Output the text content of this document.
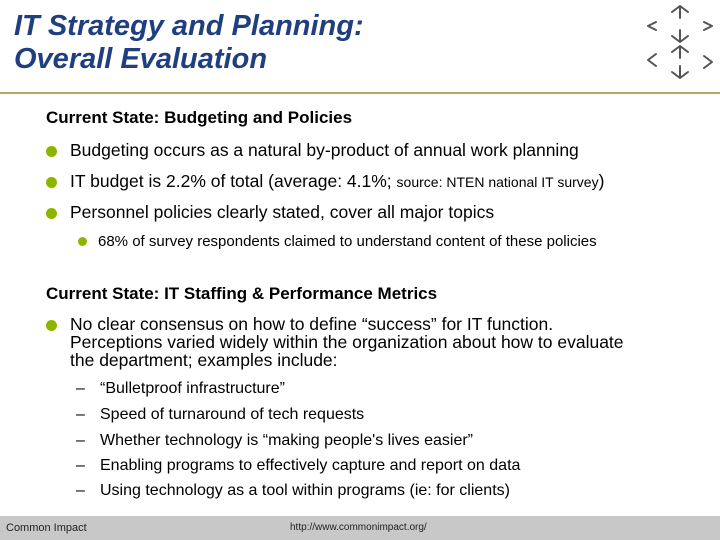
IT Strategy and Planning:
Overall Evaluation
Current State: Budgeting and Policies
Budgeting occurs as a natural by-product of annual work planning
IT budget is 2.2% of total (average: 4.1%; source: NTEN national IT survey)
Personnel policies clearly stated, cover all major topics
68% of survey respondents claimed to understand content of these policies
Current State: IT Staffing & Performance Metrics
No clear consensus on how to define “success” for IT function.
Perceptions varied widely within the organization about how to evaluate
the department; examples include:
– “Bulletproof infrastructure”
– Speed of turnaround of tech requests
– Whether technology is “making people's lives easier”
– Enabling programs to effectively capture and report on data
– Using technology as a tool within programs (ie: for clients)
Common Impact	http://www.commonimpact.org/
